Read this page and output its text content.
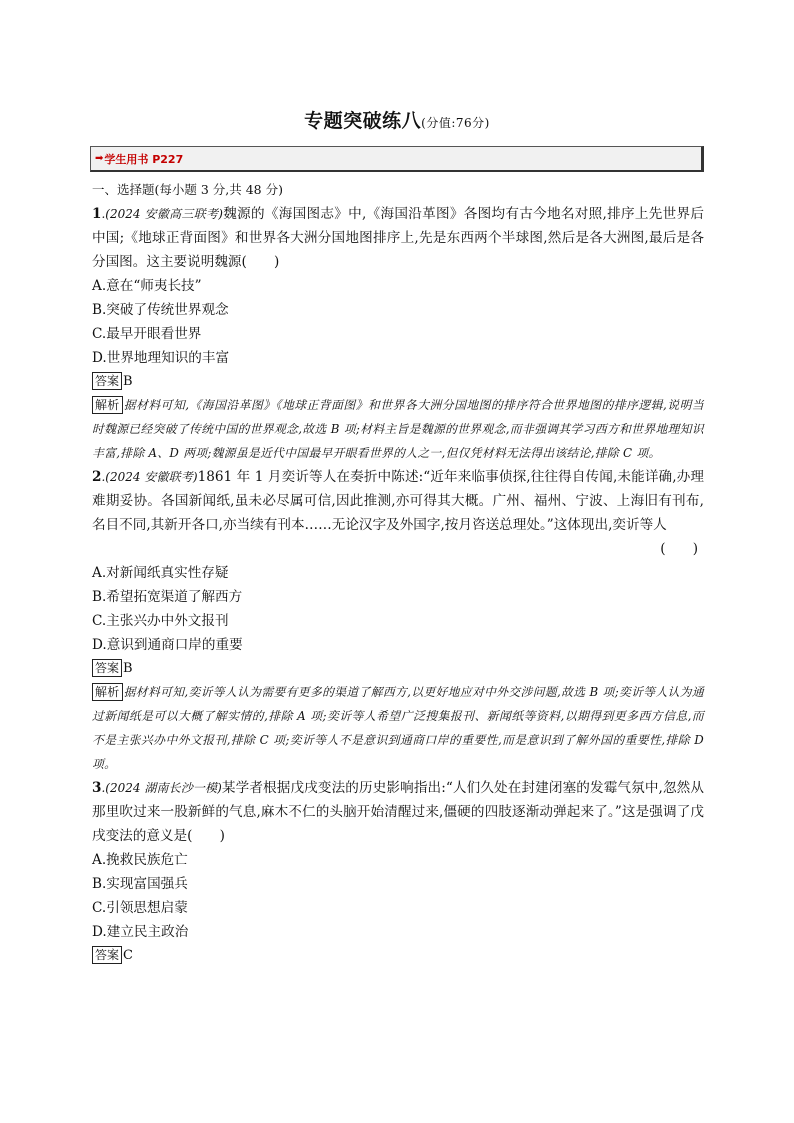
专题突破练八(分值:76分)
➡ 学生用书 P227
一、选择题(每小题 3 分,共 48 分)
1.(2024 安徽高三联考)魏源的《海国图志》中,《海国沿革图》各图均有古今地名对照,排序上先世界后中国;《地球正背面图》和世界各大洲分国地图排序上,先是东西两个半球图,然后是各大洲图,最后是各分国图。这主要说明魏源(　　)
A.意在“师夷长技”
B.突破了传统世界观念
C.最早开眼看世界
D.世界地理知识的丰富
答案 B
解析 据材料可知,《海国沿革图》《地球正背面图》和世界各大洲分国地图的排序符合世界地图的排序逻辑,说明当时魏源已经突破了传统中国的世界观念,故选 B 项;材料主旨是魏源的世界观念,而非强调其学习西方和世界地理知识丰富,排除 A、D 两项;魏源虽是近代中国最早开眼看世界的人之一,但仅凭材料无法得出该结论,排除 C 项。
2.(2024 安徽联考)1861 年 1 月奕䜣等人在奏折中陈述:“近年来临事侦探,往往得自传闻,未能详确,办理难期妥协。各国新闻纸,虽未必尽属可信,因此推测,亦可得其大概。广州、福州、宁波、上海旧有刊布,名目不同,其新开各口,亦当续有刊本……无论汉字及外国字,按月咨送总理处。”这体现出,奕䜣等人
(　　)
A.对新闻纸真实性存疑
B.希望拓宽渠道了解西方
C.主张兴办中外文报刊
D.意识到通商口岸的重要
答案 B
解析 据材料可知,奕䜣等人认为需要有更多的渠道了解西方,以更好地应对中外交涉问题,故选 B 项;奕䜣等人认为通过新闻纸是可以大概了解实情的,排除 A 项;奕䜣等人希望广泛搜集报刊、新闻纸等资料,以期得到更多西方信息,而不是主张兴办中外文报刊,排除 C 项;奕䜣等人不是意识到通商口岸的重要性,而是意识到了解外国的重要性,排除 D 项。
3.(2024 湖南长沙一模)某学者根据戊戌变法的历史影响指出:“人们久处在封建闭塞的发霉气氛中,忽然从那里吹过来一股新鲜的气息,麻木不仁的头脑开始清醒过来,僵硬的四肢逐渐动弹起来了。”这是强调了戊戌变法的意义是(　　)
A.挽救民族危亡
B.实现富国强兵
C.引领思想启蒙
D.建立民主政治
答案 C
